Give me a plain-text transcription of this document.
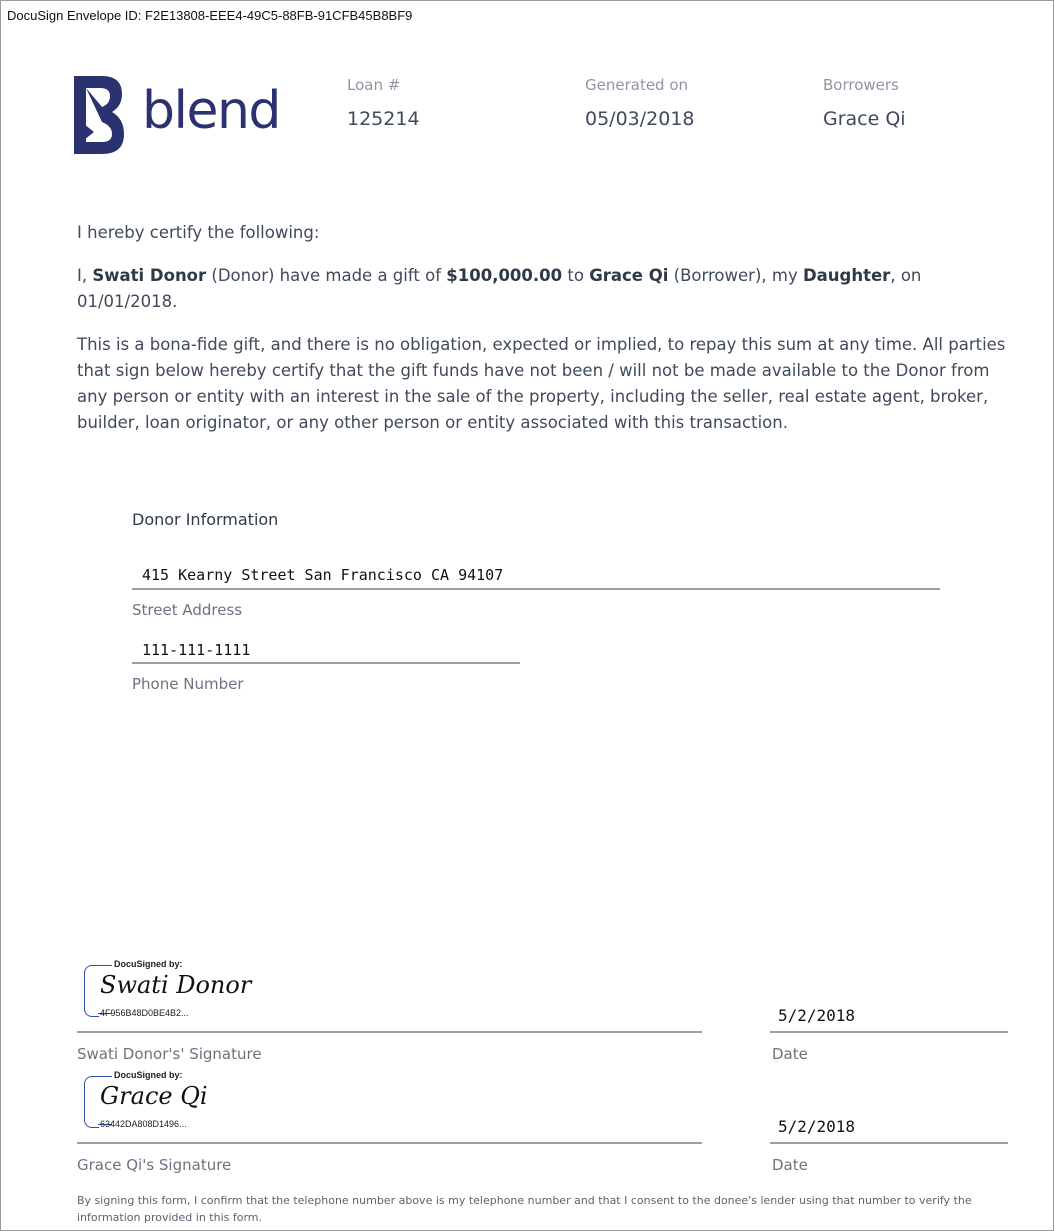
DocuSign Envelope ID: F2E13808-EEE4-49C5-88FB-91CFB45B8BF9
blend	Loan #
125214
Generated on
05/03/2018
Borrowers
Grace Qi
I hereby certify the following:
I, Swati Donor (Donor) have made a gift of $100,000.00 to Grace Qi (Borrower), my Daughter, on
01/01/2018.
This is a bona-fide gift, and there is no obligation, expected or implied, to repay this sum at any time. All parties that sign below hereby certify that the gift funds have not been / will not be made available to the Donor from any person or entity with an interest in the sale of the property, including the seller, real estate agent, broker, builder, loan originator, or any other person or entity associated with this transaction.
Donor Information
415 Kearny Street San Francisco CA 94107
Street Address
111-111-1111
Phone Number
DocuSigned by:
Swati Donor
4F956B48D0BE4B2...
Swati Donor's' Signature
5/2/2018
Date
DocuSigned by:
Grace Qi
63442DA808D1496...
Grace Qi's Signature
5/2/2018
Date
By signing this form, I confirm that the telephone number above is my telephone number and that I consent to the donee's lender using that number to verify the information provided in this form.
